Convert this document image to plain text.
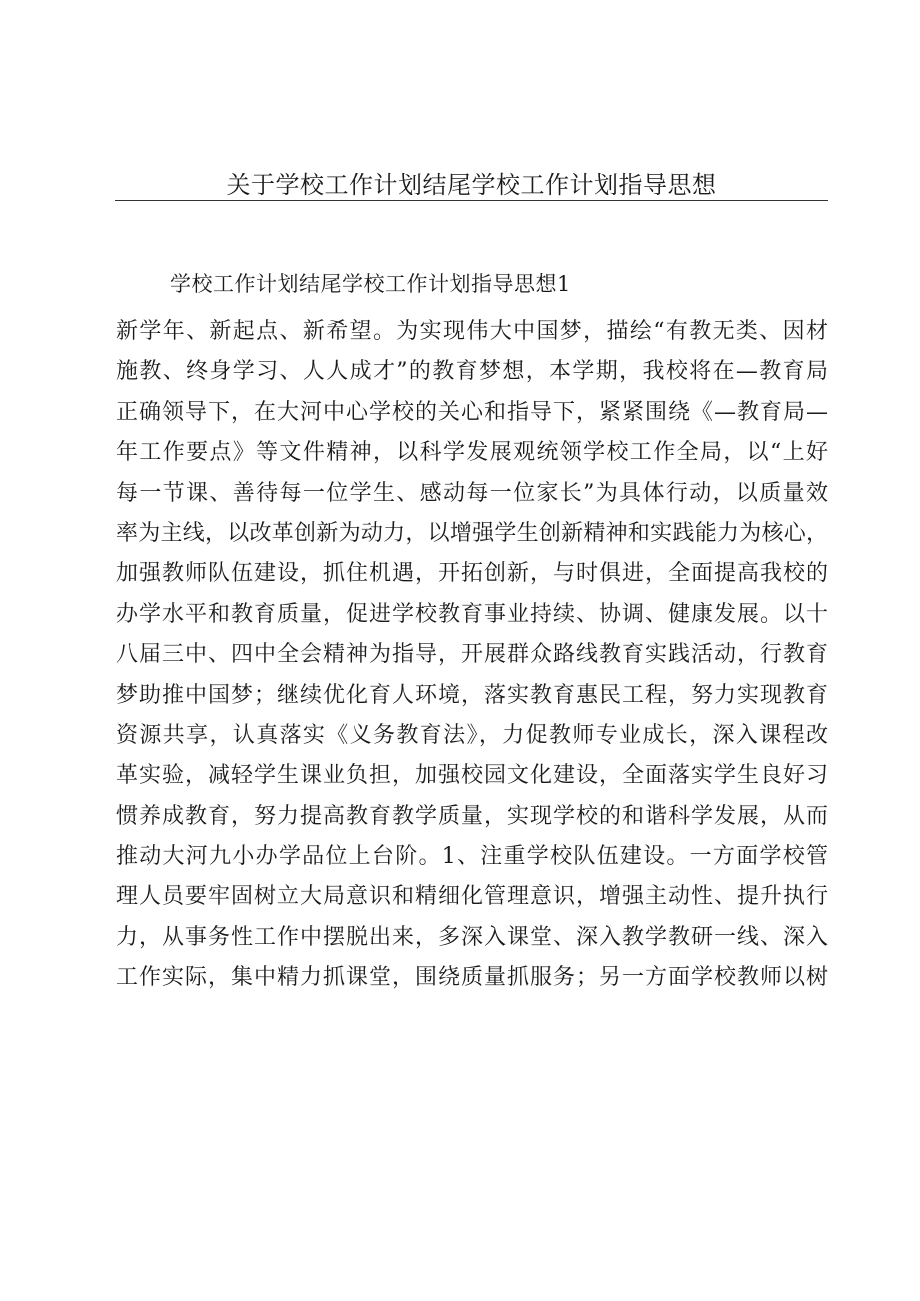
关于学校工作计划结尾学校工作计划指导思想
学校工作计划结尾学校工作计划指导思想1
新学年、新起点、新希望。为实现伟大中国梦，描绘“有教无类、因材
施教、终身学习、人人成才”的教育梦想，本学期，我校将在—教育局
正确领导下，在大河中心学校的关心和指导下，紧紧围绕《—教育局—
年工作要点》等文件精神，以科学发展观统领学校工作全局，以“上好
每一节课、善待每一位学生、感动每一位家长”为具体行动，以质量效
率为主线，以改革创新为动力，以增强学生创新精神和实践能力为核心，
加强教师队伍建设，抓住机遇，开拓创新，与时俱进，全面提高我校的
办学水平和教育质量，促进学校教育事业持续、协调、健康发展。以十
八届三中、四中全会精神为指导，开展群众路线教育实践活动，行教育
梦助推中国梦；继续优化育人环境，落实教育惠民工程，努力实现教育
资源共享，认真落实《义务教育法》，力促教师专业成长，深入课程改
革实验，减轻学生课业负担，加强校园文化建设，全面落实学生良好习
惯养成教育，努力提高教育教学质量，实现学校的和谐科学发展，从而
推动大河九小办学品位上台阶。1、注重学校队伍建设。一方面学校管
理人员要牢固树立大局意识和精细化管理意识，增强主动性、提升执行
力，从事务性工作中摆脱出来，多深入课堂、深入教学教研一线、深入
工作实际，集中精力抓课堂，围绕质量抓服务；另一方面学校教师以树
